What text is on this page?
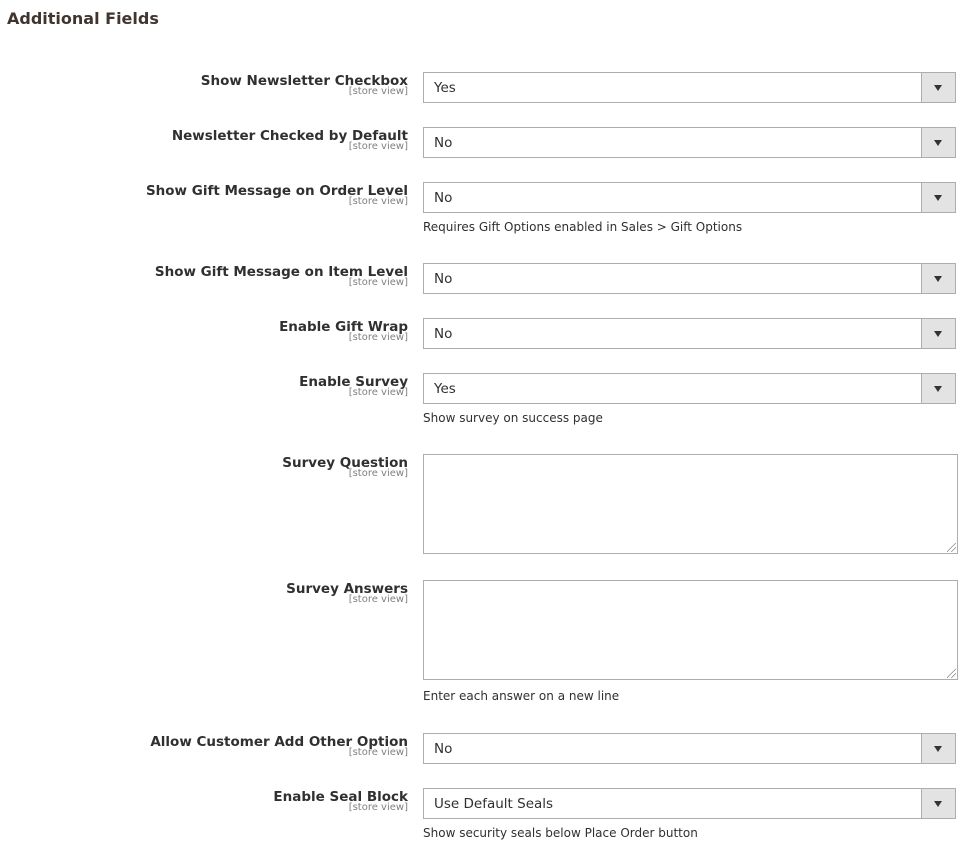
Additional Fields
Show Newsletter Checkbox
[store view] Yes
Newsletter Checked by Default
[store view] No
Show Gift Message on Order Level
[store view] No
Requires Gift Options enabled in Sales > Gift Options
Show Gift Message on Item Level
[store view] No
Enable Gift Wrap
[store view] No
Enable Survey
[store view] Yes
Show survey on success page
Survey Question
[store view]
Survey Answers
[store view]
Enter each answer on a new line
Allow Customer Add Other Option
[store view] No
Enable Seal Block
[store view] Use Default Seals
Show security seals below Place Order button
